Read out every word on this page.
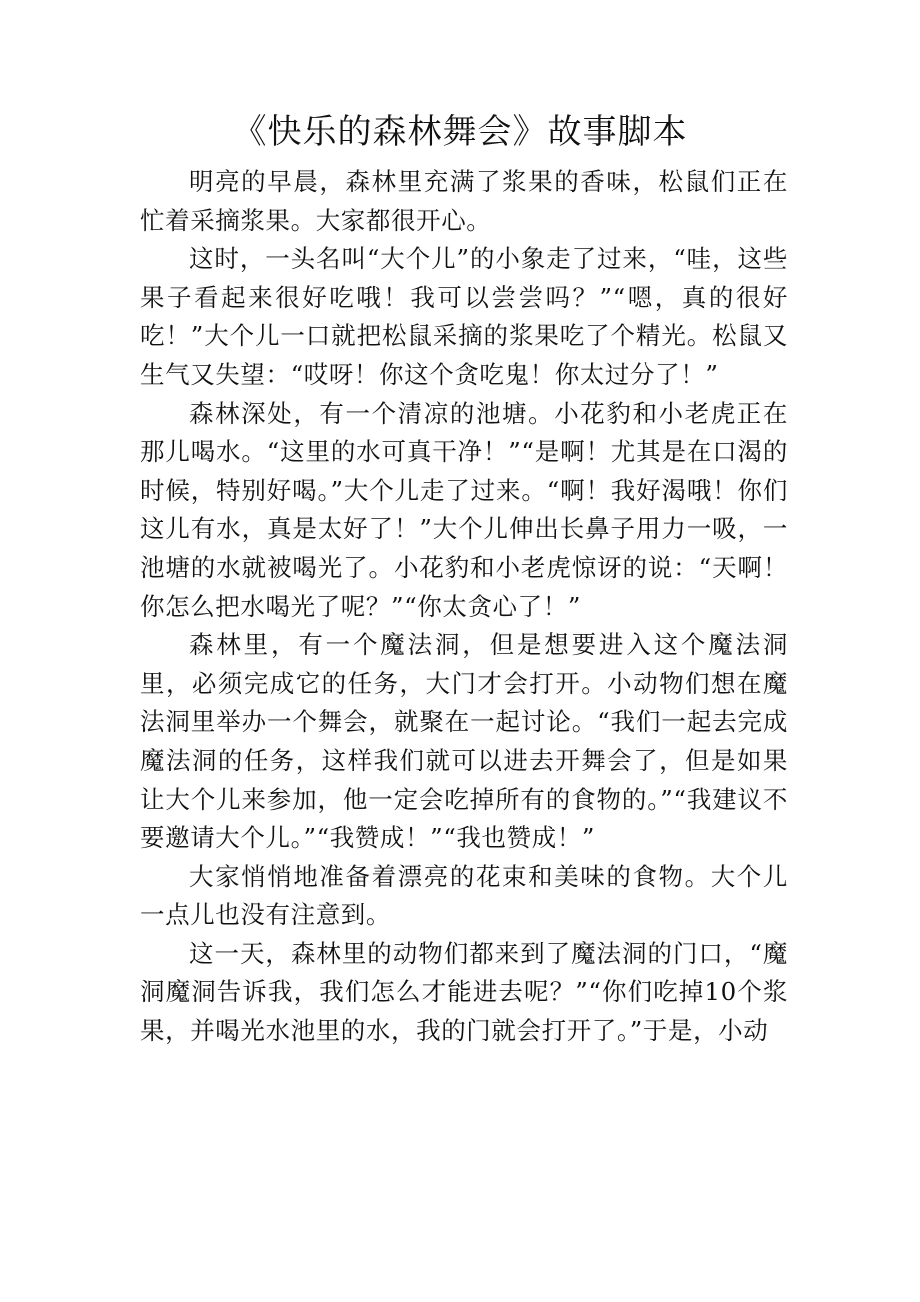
《快乐的森林舞会》故事脚本

明亮的早晨，森林里充满了浆果的香味，松鼠们正在忙着采摘浆果。大家都很开心。

这时，一头名叫“大个儿”的小象走了过来，“哇，这些果子看起来很好吃哦！我可以尝尝吗？”“嗯，真的很好吃！”大个儿一口就把松鼠采摘的浆果吃了个精光。松鼠又生气又失望：“哎呀！你这个贪吃鬼！你太过分了！”

森林深处，有一个清凉的池塘。小花豹和小老虎正在那儿喝水。“这里的水可真干净！”“是啊！尤其是在口渴的时候，特别好喝。”大个儿走了过来。“啊！我好渴哦！你们这儿有水，真是太好了！”大个儿伸出长鼻子用力一吸，一池塘的水就被喝光了。小花豹和小老虎惊讶的说：“天啊！你怎么把水喝光了呢？”“你太贪心了！”

森林里，有一个魔法洞，但是想要进入这个魔法洞里，必须完成它的任务，大门才会打开。小动物们想在魔法洞里举办一个舞会，就聚在一起讨论。“我们一起去完成魔法洞的任务，这样我们就可以进去开舞会了，但是如果让大个儿来参加，他一定会吃掉所有的食物的。”“我建议不要邀请大个儿。”“我赞成！”“我也赞成！”

大家悄悄地准备着漂亮的花束和美味的食物。大个儿一点儿也没有注意到。

这一天，森林里的动物们都来到了魔法洞的门口，“魔洞魔洞告诉我，我们怎么才能进去呢？”“你们吃掉10个浆果，并喝光水池里的水，我的门就会打开了。”于是，小动
